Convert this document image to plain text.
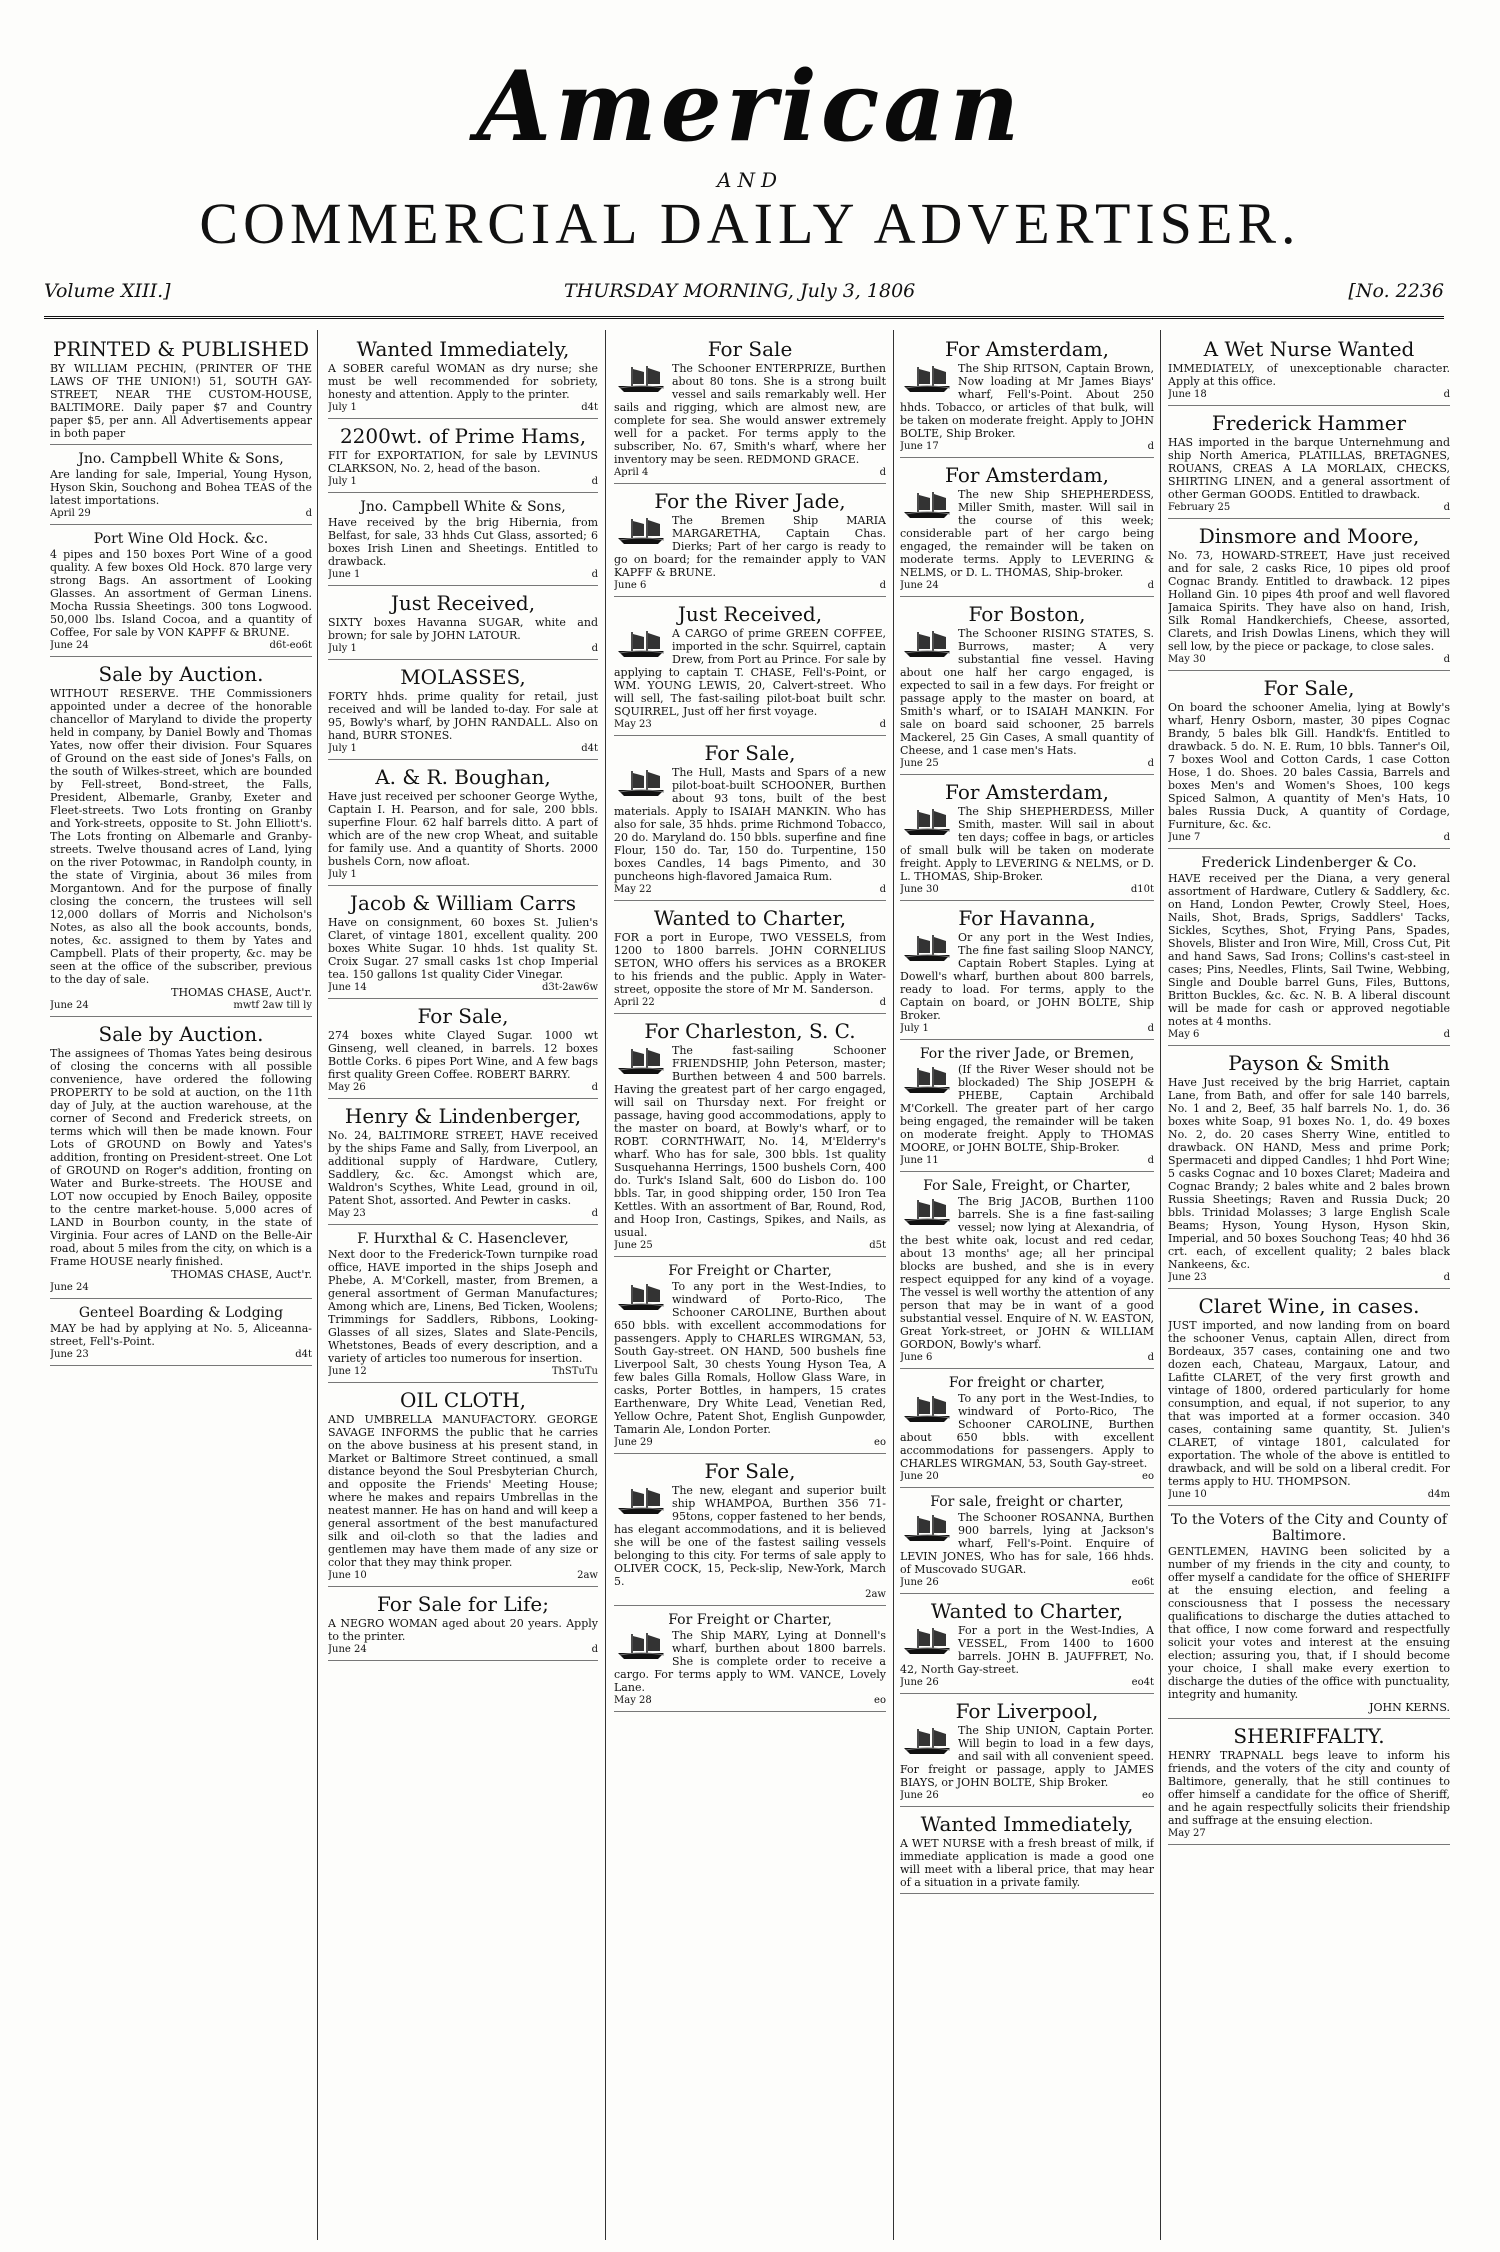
American
AND
COMMERCIAL DAILY ADVERTISER.
Volume XIII.]	THURSDAY MORNING, July 3, 1806	[No. 2236
PRINTED & PUBLISHED

BY WILLIAM PECHIN, (PRINTER OF THE LAWS OF THE UNION!) 51, SOUTH GAY-STREET, NEAR THE CUSTOM-HOUSE, BALTIMORE. Daily paper $7 and Country paper $5, per ann. All Advertisements appear in both paper

Jno. Campbell White & Sons,

Are landing for sale, Imperial, Young Hyson, Hyson Skin, Souchong and Bohea TEAS of the latest importations.

April 29	d
Port Wine Old Hock. &c.

4 pipes and 150 boxes Port Wine of a good quality. A few boxes Old Hock. 870 large very strong Bags. An assortment of Looking Glasses. An assortment of German Linens. Mocha Russia Sheetings. 300 tons Logwood. 50,000 lbs. Island Cocoa, and a quantity of Coffee, For sale by VON KAPFF & BRUNE.

June 24	d6t-eo6t
Sale by Auction.

WITHOUT RESERVE. THE Commissioners appointed under a decree of the honorable chancellor of Maryland to divide the property held in company, by Daniel Bowly and Thomas Yates, now offer their division. Four Squares of Ground on the east side of Jones's Falls, on the south of Wilkes-street, which are bounded by Fell-street, Bond-street, the Falls, President, Albemarle, Granby, Exeter and Fleet-streets. Two Lots fronting on Granby and York-streets, opposite to St. John Elliott's. The Lots fronting on Albemarle and Granby-streets. Twelve thousand acres of Land, lying on the river Potowmac, in Randolph county, in the state of Virginia, about 36 miles from Morgantown. And for the purpose of finally closing the concern, the trustees will sell 12,000 dollars of Morris and Nicholson's Notes, as also all the book accounts, bonds, notes, &c. assigned to them by Yates and Campbell. Plats of their property, &c. may be seen at the office of the subscriber, previous to the day of sale.

THOMAS CHASE, Auct'r.

June 24	mwtf 2aw till ly
Sale by Auction.

The assignees of Thomas Yates being desirous of closing the concerns with all possible convenience, have ordered the following PROPERTY to be sold at auction, on the 11th day of July, at the auction warehouse, at the corner of Second and Frederick streets, on terms which will then be made known. Four Lots of GROUND on Bowly and Yates's addition, fronting on President-street. One Lot of GROUND on Roger's addition, fronting on Water and Burke-streets. The HOUSE and LOT now occupied by Enoch Bailey, opposite to the centre market-house. 5,000 acres of LAND in Bourbon county, in the state of Virginia. Four acres of LAND on the Belle-Air road, about 5 miles from the city, on which is a Frame HOUSE nearly finished.

THOMAS CHASE, Auct'r.

June 24
Genteel Boarding & Lodging

MAY be had by applying at No. 5, Aliceanna-street, Fell's-Point.

June 23	d4t
Wanted Immediately,

A SOBER careful WOMAN as dry nurse; she must be well recommended for sobriety, honesty and attention. Apply to the printer.

July 1	d4t
2200wt. of Prime Hams,

FIT for EXPORTATION, for sale by LEVINUS CLARKSON, No. 2, head of the bason.

July 1	d
Jno. Campbell White & Sons,

Have received by the brig Hibernia, from Belfast, for sale, 33 hhds Cut Glass, assorted; 6 boxes Irish Linen and Sheetings. Entitled to drawback.

June 1	d
Just Received,

SIXTY boxes Havanna SUGAR, white and brown; for sale by JOHN LATOUR.

July 1	d
MOLASSES,

FORTY hhds. prime quality for retail, just received and will be landed to-day. For sale at 95, Bowly's wharf, by JOHN RANDALL. Also on hand, BURR STONES.

July 1	d4t
A. & R. Boughan,

Have just received per schooner George Wythe, Captain I. H. Pearson, and for sale, 200 bbls. superfine Flour. 62 half barrels ditto. A part of which are of the new crop Wheat, and suitable for family use. And a quantity of Shorts. 2000 bushels Corn, now afloat.

July 1
Jacob & William Carrs

Have on consignment, 60 boxes St. Julien's Claret, of vintage 1801, excellent quality. 200 boxes White Sugar. 10 hhds. 1st quality St. Croix Sugar. 27 small casks 1st chop Imperial tea. 150 gallons 1st quality Cider Vinegar.

June 14	d3t-2aw6w
For Sale,

274 boxes white Clayed Sugar. 1000 wt Ginseng, well cleaned, in barrels. 12 boxes Bottle Corks. 6 pipes Port Wine, and A few bags first quality Green Coffee. ROBERT BARRY.

May 26	d
Henry & Lindenberger,

No. 24, BALTIMORE STREET, HAVE received by the ships Fame and Sally, from Liverpool, an additional supply of Hardware, Cutlery, Saddlery, &c. &c. Amongst which are, Waldron's Scythes, White Lead, ground in oil, Patent Shot, assorted. And Pewter in casks.

May 23	d
F. Hurxthal & C. Hasenclever,

Next door to the Frederick-Town turnpike road office, HAVE imported in the ships Joseph and Phebe, A. M'Corkell, master, from Bremen, a general assortment of German Manufactures; Among which are, Linens, Bed Ticken, Woolens; Trimmings for Saddlers, Ribbons, Looking-Glasses of all sizes, Slates and Slate-Pencils, Whetstones, Beads of every description, and a variety of articles too numerous for insertion.

June 12	ThSTuTu
OIL CLOTH,

AND UMBRELLA MANUFACTORY. GEORGE SAVAGE INFORMS the public that he carries on the above business at his present stand, in Market or Baltimore Street continued, a small distance beyond the Soul Presbyterian Church, and opposite the Friends' Meeting House; where he makes and repairs Umbrellas in the neatest manner. He has on hand and will keep a general assortment of the best manufactured silk and oil-cloth so that the ladies and gentlemen may have them made of any size or color that they may think proper.

June 10	2aw
For Sale for Life;

A NEGRO WOMAN aged about 20 years. Apply to the printer.

June 24	d
For Sale

The Schooner ENTERPRIZE, Burthen about 80 tons. She is a strong built vessel and sails remarkably well. Her sails and rigging, which are almost new, are complete for sea. She would answer extremely well for a packet. For terms apply to the subscriber, No. 67, Smith's wharf, where her inventory may be seen. REDMOND GRACE.

April 4	d
For the River Jade,

The Bremen Ship MARIA MARGARETHA, Captain Chas. Dierks; Part of her cargo is ready to go on board; for the remainder apply to VAN KAPFF & BRUNE.

June 6	d
Just Received,

A CARGO of prime GREEN COFFEE, imported in the schr. Squirrel, captain Drew, from Port au Prince. For sale by applying to captain T. CHASE, Fell's-Point, or WM. YOUNG LEWIS, 20, Calvert-street. Who will sell, The fast-sailing pilot-boat built schr. SQUIRREL, Just off her first voyage.

May 23	d
For Sale,

The Hull, Masts and Spars of a new pilot-boat-built SCHOONER, Burthen about 93 tons, built of the best materials. Apply to ISAIAH MANKIN. Who has also for sale, 35 hhds. prime Richmond Tobacco, 20 do. Maryland do. 150 bbls. superfine and fine Flour, 150 do. Tar, 150 do. Turpentine, 150 boxes Candles, 14 bags Pimento, and 30 puncheons high-flavored Jamaica Rum.

May 22	d
Wanted to Charter,

FOR a port in Europe, TWO VESSELS, from 1200 to 1800 barrels. JOHN CORNELIUS SETON, WHO offers his services as a BROKER to his friends and the public. Apply in Water-street, opposite the store of Mr M. Sanderson.

April 22	d
For Charleston, S. C.

The fast-sailing Schooner FRIENDSHIP, John Peterson, master; Burthen between 4 and 500 barrels. Having the greatest part of her cargo engaged, will sail on Thursday next. For freight or passage, having good accommodations, apply to the master on board, at Bowly's wharf, or to ROBT. CORNTHWAIT, No. 14, M'Elderry's wharf. Who has for sale, 300 bbls. 1st quality Susquehanna Herrings, 1500 bushels Corn, 400 do. Turk's Island Salt, 600 do Lisbon do. 100 bbls. Tar, in good shipping order, 150 Iron Tea Kettles. With an assortment of Bar, Round, Rod, and Hoop Iron, Castings, Spikes, and Nails, as usual.

June 25	d5t
For Freight or Charter,

To any port in the West-Indies, to windward of Porto-Rico, The Schooner CAROLINE, Burthen about 650 bbls. with excellent accommodations for passengers. Apply to CHARLES WIRGMAN, 53, South Gay-street. ON HAND, 500 bushels fine Liverpool Salt, 30 chests Young Hyson Tea, A few bales Gilla Romals, Hollow Glass Ware, in casks, Porter Bottles, in hampers, 15 crates Earthenware, Dry White Lead, Venetian Red, Yellow Ochre, Patent Shot, English Gunpowder, Tamarin Ale, London Porter.

June 29	eo
For Sale,

The new, elegant and superior built ship WHAMPOA, Burthen 356 71-95tons, copper fastened to her bends, has elegant accommodations, and it is believed she will be one of the fastest sailing vessels belonging to this city. For terms of sale apply to OLIVER COCK, 15, Peck-slip, New-York, March 5.

2aw
For Freight or Charter,

The Ship MARY, Lying at Donnell's wharf, burthen about 1800 barrels. She is complete order to receive a cargo. For terms apply to WM. VANCE, Lovely Lane.

May 28	eo
For Amsterdam,

The Ship RITSON, Captain Brown, Now loading at Mr James Biays' wharf, Fell's-Point. About 250 hhds. Tobacco, or articles of that bulk, will be taken on moderate freight. Apply to JOHN BOLTE, Ship Broker.

June 17	d
For Amsterdam,

The new Ship SHEPHERDESS, Miller Smith, master. Will sail in the course of this week; considerable part of her cargo being engaged, the remainder will be taken on moderate terms. Apply to LEVERING & NELMS, or D. L. THOMAS, Ship-broker.

June 24	d
For Boston,

The Schooner RISING STATES, S. Burrows, master; A very substantial fine vessel. Having about one half her cargo engaged, is expected to sail in a few days. For freight or passage apply to the master on board, at Smith's wharf, or to ISAIAH MANKIN. For sale on board said schooner, 25 barrels Mackerel, 25 Gin Cases, A small quantity of Cheese, and 1 case men's Hats.

June 25	d
For Amsterdam,

The Ship SHEPHERDESS, Miller Smith, master. Will sail in about ten days; coffee in bags, or articles of small bulk will be taken on moderate freight. Apply to LEVERING & NELMS, or D. L. THOMAS, Ship-Broker.

June 30	d10t
For Havanna,

Or any port in the West Indies, The fine fast sailing Sloop NANCY, Captain Robert Staples. Lying at Dowell's wharf, burthen about 800 barrels, ready to load. For terms, apply to the Captain on board, or JOHN BOLTE, Ship Broker.

July 1	d
For the river Jade, or Bremen,

(If the River Weser should not be blockaded) The Ship JOSEPH & PHEBE, Captain Archibald M'Corkell. The greater part of her cargo being engaged, the remainder will be taken on moderate freight. Apply to THOMAS MOORE, or JOHN BOLTE, Ship-Broker.

June 11	d
For Sale, Freight, or Charter,

The Brig JACOB, Burthen 1100 barrels. She is a fine fast-sailing vessel; now lying at Alexandria, of the best white oak, locust and red cedar, about 13 months' age; all her principal blocks are bushed, and she is in every respect equipped for any kind of a voyage. The vessel is well worthy the attention of any person that may be in want of a good substantial vessel. Enquire of N. W. EASTON, Great York-street, or JOHN & WILLIAM GORDON, Bowly's wharf.

June 6	d
For freight or charter,

To any port in the West-Indies, to windward of Porto-Rico, The Schooner CAROLINE, Burthen about 650 bbls. with excellent accommodations for passengers. Apply to CHARLES WIRGMAN, 53, South Gay-street.

June 20	eo
For sale, freight or charter,

The Schooner ROSANNA, Burthen 900 barrels, lying at Jackson's wharf, Fell's-Point. Enquire of LEVIN JONES, Who has for sale, 166 hhds. of Muscovado SUGAR.

June 26	eo6t
Wanted to Charter,

For a port in the West-Indies, A VESSEL, From 1400 to 1600 barrels. JOHN B. JAUFFRET, No. 42, North Gay-street.

June 26	eo4t
For Liverpool,

The Ship UNION, Captain Porter. Will begin to load in a few days, and sail with all convenient speed. For freight or passage, apply to JAMES BIAYS, or JOHN BOLTE, Ship Broker.

June 26	eo
Wanted Immediately,

A WET NURSE with a fresh breast of milk, if immediate application is made a good one will meet with a liberal price, that may hear of a situation in a private family.

A Wet Nurse Wanted

IMMEDIATELY, of unexceptionable character. Apply at this office.

June 18	d
Frederick Hammer

HAS imported in the barque Unternehmung and ship North America, PLATILLAS, BRETAGNES, ROUANS, CREAS A LA MORLAIX, CHECKS, SHIRTING LINEN, and a general assortment of other German GOODS. Entitled to drawback.

February 25	d
Dinsmore and Moore,

No. 73, HOWARD-STREET, Have just received and for sale, 2 casks Rice, 10 pipes old proof Cognac Brandy. Entitled to drawback. 12 pipes Holland Gin. 10 pipes 4th proof and well flavored Jamaica Spirits. They have also on hand, Irish, Silk Romal Handkerchiefs, Cheese, assorted, Clarets, and Irish Dowlas Linens, which they will sell low, by the piece or package, to close sales.

May 30	d
For Sale,

On board the schooner Amelia, lying at Bowly's wharf, Henry Osborn, master, 30 pipes Cognac Brandy, 5 bales blk Gill. Handk'fs. Entitled to drawback. 5 do. N. E. Rum, 10 bbls. Tanner's Oil, 7 boxes Wool and Cotton Cards, 1 case Cotton Hose, 1 do. Shoes. 20 bales Cassia, Barrels and boxes Men's and Women's Shoes, 100 kegs Spiced Salmon, A quantity of Men's Hats, 10 bales Russia Duck, A quantity of Cordage, Furniture, &c. &c.

June 7	d
Frederick Lindenberger & Co.

HAVE received per the Diana, a very general assortment of Hardware, Cutlery & Saddlery, &c. on Hand, London Pewter, Crowly Steel, Hoes, Nails, Shot, Brads, Sprigs, Saddlers' Tacks, Sickles, Scythes, Shot, Frying Pans, Spades, Shovels, Blister and Iron Wire, Mill, Cross Cut, Pit and hand Saws, Sad Irons; Collins's cast-steel in cases; Pins, Needles, Flints, Sail Twine, Webbing, Single and Double barrel Guns, Files, Buttons, Britton Buckles, &c. &c. N. B. A liberal discount will be made for cash or approved negotiable notes at 4 months.

May 6	d
Payson & Smith

Have Just received by the brig Harriet, captain Lane, from Bath, and offer for sale 140 barrels, No. 1 and 2, Beef, 35 half barrels No. 1, do. 36 boxes white Soap, 91 boxes No. 1, do. 49 boxes No. 2, do. 20 cases Sherry Wine, entitled to drawback. ON HAND, Mess and prime Pork; Spermaceti and dipped Candles; 1 hhd Port Wine; 5 casks Cognac and 10 boxes Claret; Madeira and Cognac Brandy; 2 bales white and 2 bales brown Russia Sheetings; Raven and Russia Duck; 20 bbls. Trinidad Molasses; 3 large English Scale Beams; Hyson, Young Hyson, Hyson Skin, Imperial, and 50 boxes Souchong Teas; 40 hhd 36 crt. each, of excellent quality; 2 bales black Nankeens, &c.

June 23	d
Claret Wine, in cases.

JUST imported, and now landing from on board the schooner Venus, captain Allen, direct from Bordeaux, 357 cases, containing one and two dozen each, Chateau, Margaux, Latour, and Lafitte CLARET, of the very first growth and vintage of 1800, ordered particularly for home consumption, and equal, if not superior, to any that was imported at a former occasion. 340 cases, containing same quantity, St. Julien's CLARET, of vintage 1801, calculated for exportation. The whole of the above is entitled to drawback, and will be sold on a liberal credit. For terms apply to HU. THOMPSON.

June 10	d4m
To the Voters of the City and County of Baltimore.

GENTLEMEN, HAVING been solicited by a number of my friends in the city and county, to offer myself a candidate for the office of SHERIFF at the ensuing election, and feeling a consciousness that I possess the necessary qualifications to discharge the duties attached to that office, I now come forward and respectfully solicit your votes and interest at the ensuing election; assuring you, that, if I should become your choice, I shall make every exertion to discharge the duties of the office with punctuality, integrity and humanity.

JOHN KERNS.

SHERIFFALTY.

HENRY TRAPNALL begs leave to inform his friends, and the voters of the city and county of Baltimore, generally, that he still continues to offer himself a candidate for the office of Sheriff, and he again respectfully solicits their friendship and suffrage at the ensuing election.

May 27
